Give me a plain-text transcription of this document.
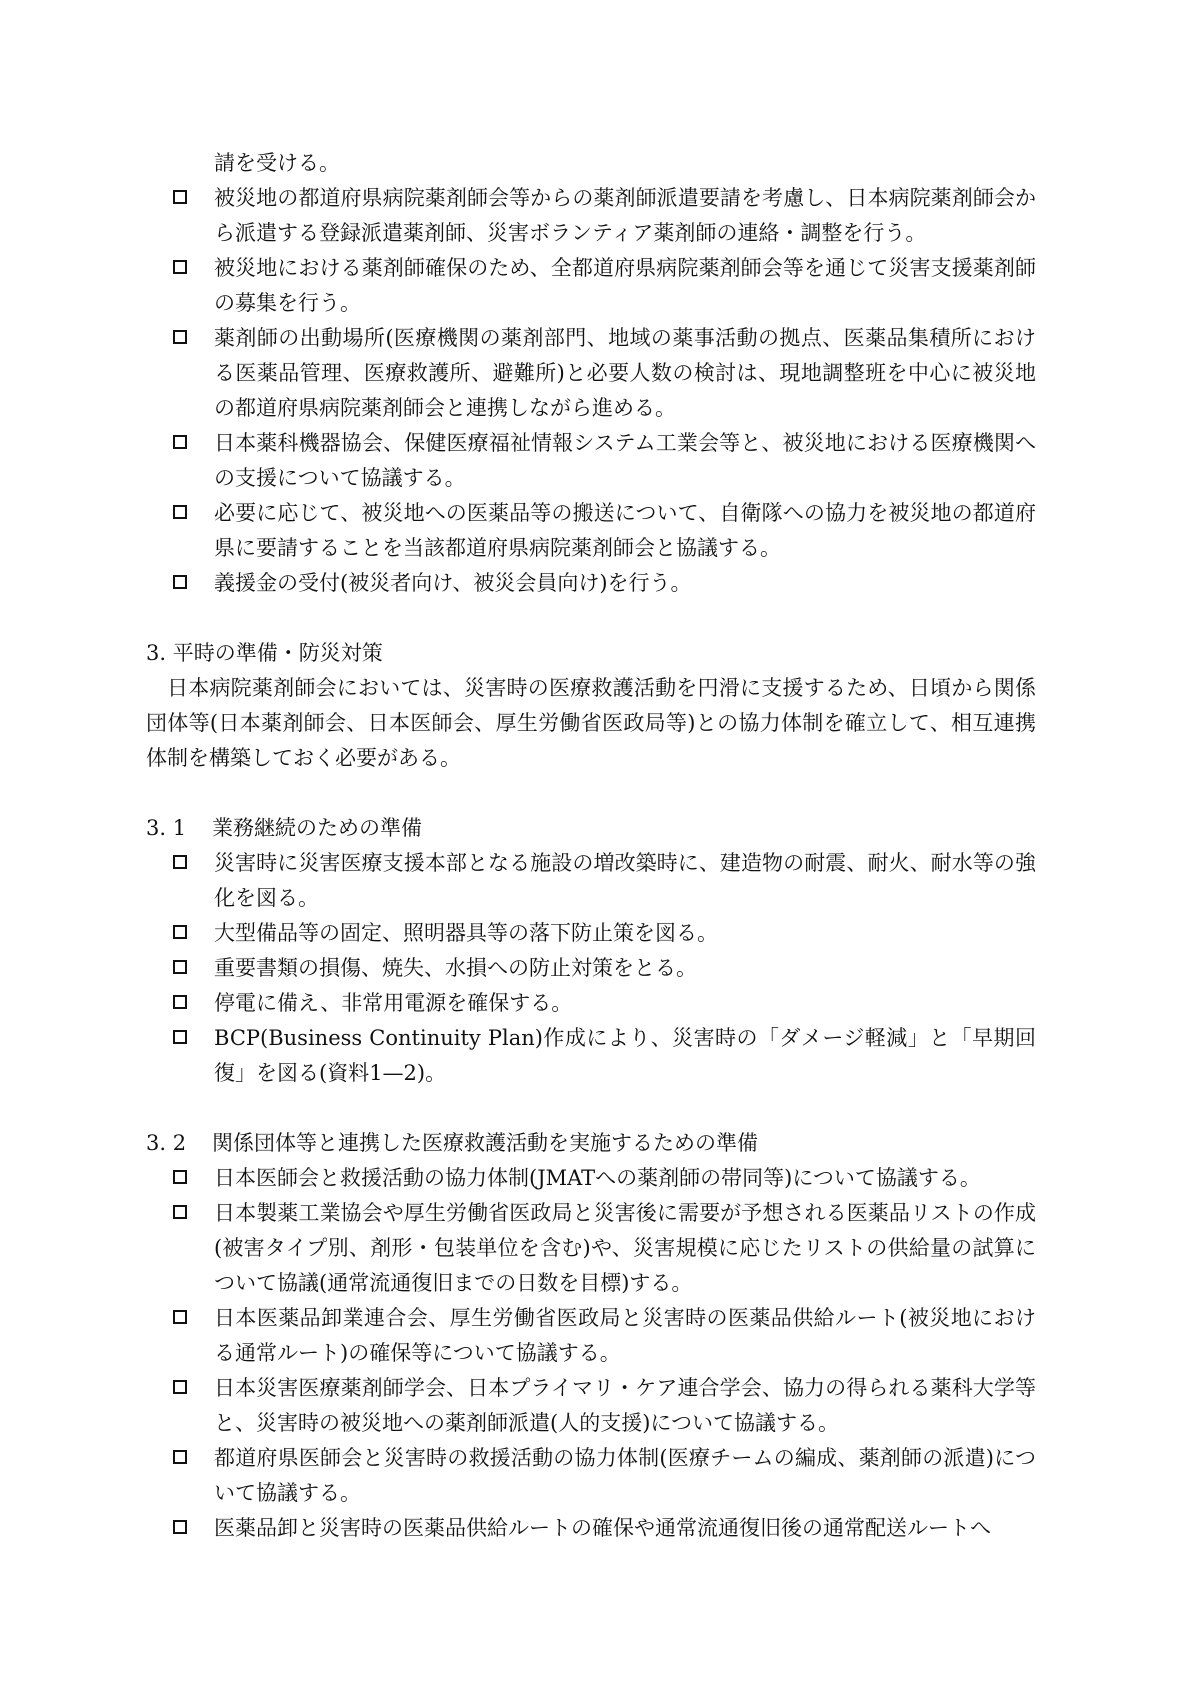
請を受ける。
被災地の都道府県病院薬剤師会等からの薬剤師派遣要請を考慮し、日本病院薬剤師会から派遣する登録派遣薬剤師、災害ボランティア薬剤師の連絡・調整を行う。
被災地における薬剤師確保のため、全都道府県病院薬剤師会等を通じて災害支援薬剤師の募集を行う。
薬剤師の出動場所(医療機関の薬剤部門、地域の薬事活動の拠点、医薬品集積所における医薬品管理、医療救護所、避難所)と必要人数の検討は、現地調整班を中心に被災地の都道府県病院薬剤師会と連携しながら進める。
日本薬科機器協会、保健医療福祉情報システム工業会等と、被災地における医療機関への支援について協議する。
必要に応じて、被災地への医薬品等の搬送について、自衛隊への協力を被災地の都道府県に要請することを当該都道府県病院薬剤師会と協議する。
義援金の受付(被災者向け、被災会員向け)を行う。
3. 平時の準備・防災対策
日本病院薬剤師会においては、災害時の医療救護活動を円滑に支援するため、日頃から関係団体等(日本薬剤師会、日本医師会、厚生労働省医政局等)との協力体制を確立して、相互連携体制を構築しておく必要がある。
3. 1 業務継続のための準備
災害時に災害医療支援本部となる施設の増改築時に、建造物の耐震、耐火、耐水等の強化を図る。
大型備品等の固定、照明器具等の落下防止策を図る。
重要書類の損傷、焼失、水損への防止対策をとる。
停電に備え、非常用電源を確保する。
BCP(Business Continuity Plan)作成により、災害時の「ダメージ軽減」と「早期回復」を図る(資料1—2)。
3. 2 関係団体等と連携した医療救護活動を実施するための準備
日本医師会と救援活動の協力体制(JMATへの薬剤師の帯同等)について協議する。
日本製薬工業協会や厚生労働省医政局と災害後に需要が予想される医薬品リストの作成(被害タイプ別、剤形・包装単位を含む)や、災害規模に応じたリストの供給量の試算について協議(通常流通復旧までの日数を目標)する。
日本医薬品卸業連合会、厚生労働省医政局と災害時の医薬品供給ルート(被災地における通常ルート)の確保等について協議する。
日本災害医療薬剤師学会、日本プライマリ・ケア連合学会、協力の得られる薬科大学等と、災害時の被災地への薬剤師派遣(人的支援)について協議する。
都道府県医師会と災害時の救援活動の協力体制(医療チームの編成、薬剤師の派遣)について協議する。
医薬品卸と災害時の医薬品供給ルートの確保や通常流通復旧後の通常配送ルートへ
